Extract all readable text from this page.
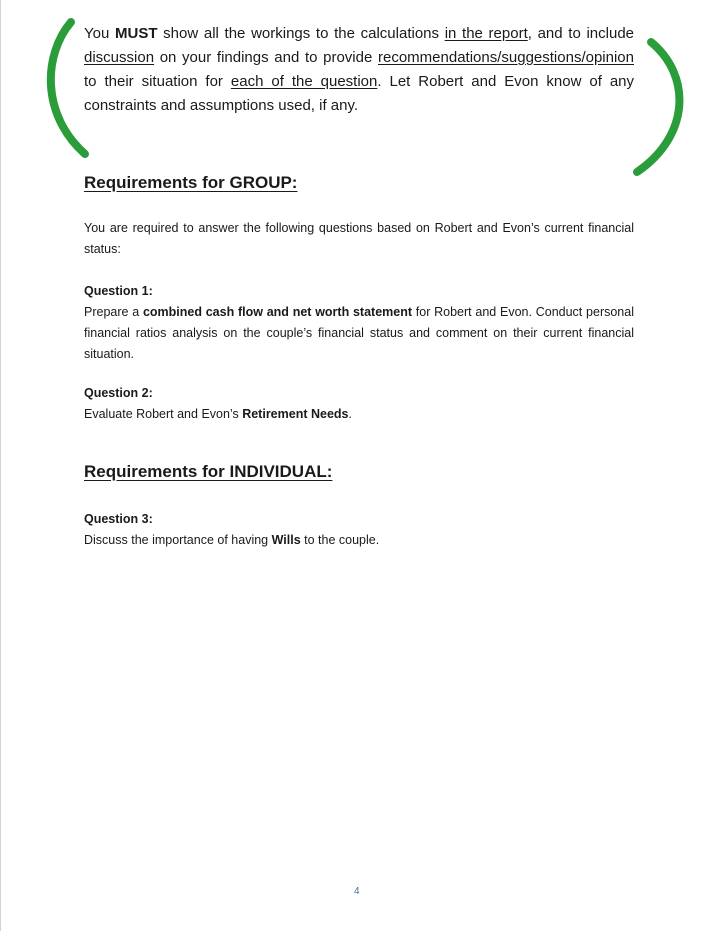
You MUST show all the workings to the calculations in the report, and to include discussion on your findings and to provide recommendations/suggestions/opinion to their situation for each of the question. Let Robert and Evon know of any constraints and assumptions used, if any.

Requirements for GROUP:

You are required to answer the following questions based on Robert and Evon’s current financial status:

Question 1:
Prepare a combined cash flow and net worth statement for Robert and Evon. Conduct personal financial ratios analysis on the couple’s financial status and comment on their current financial situation.

Question 2:
Evaluate Robert and Evon’s Retirement Needs.

Requirements for INDIVIDUAL:

Question 3:
Discuss the importance of having Wills to the couple.

4
